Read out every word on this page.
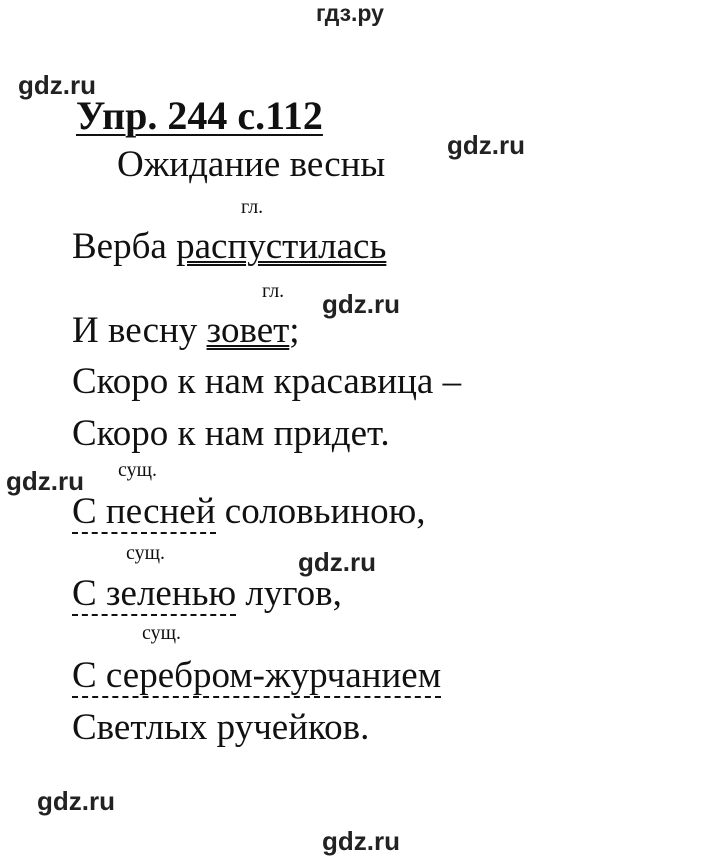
гдз.ру
gdz.ru
gdz.ru
gdz.ru
gdz.ru
gdz.ru
gdz.ru
gdz.ru
Упр. 244 с.112
Ожидание весны
гл.
Верба распустилась
гл.
И весну зовет;
Скоро к нам красавица –
Скоро к нам придет.
сущ.
С песней соловьиною,
сущ.
С зеленью лугов,
сущ.
С серебром-журчанием
Светлых ручейков.
